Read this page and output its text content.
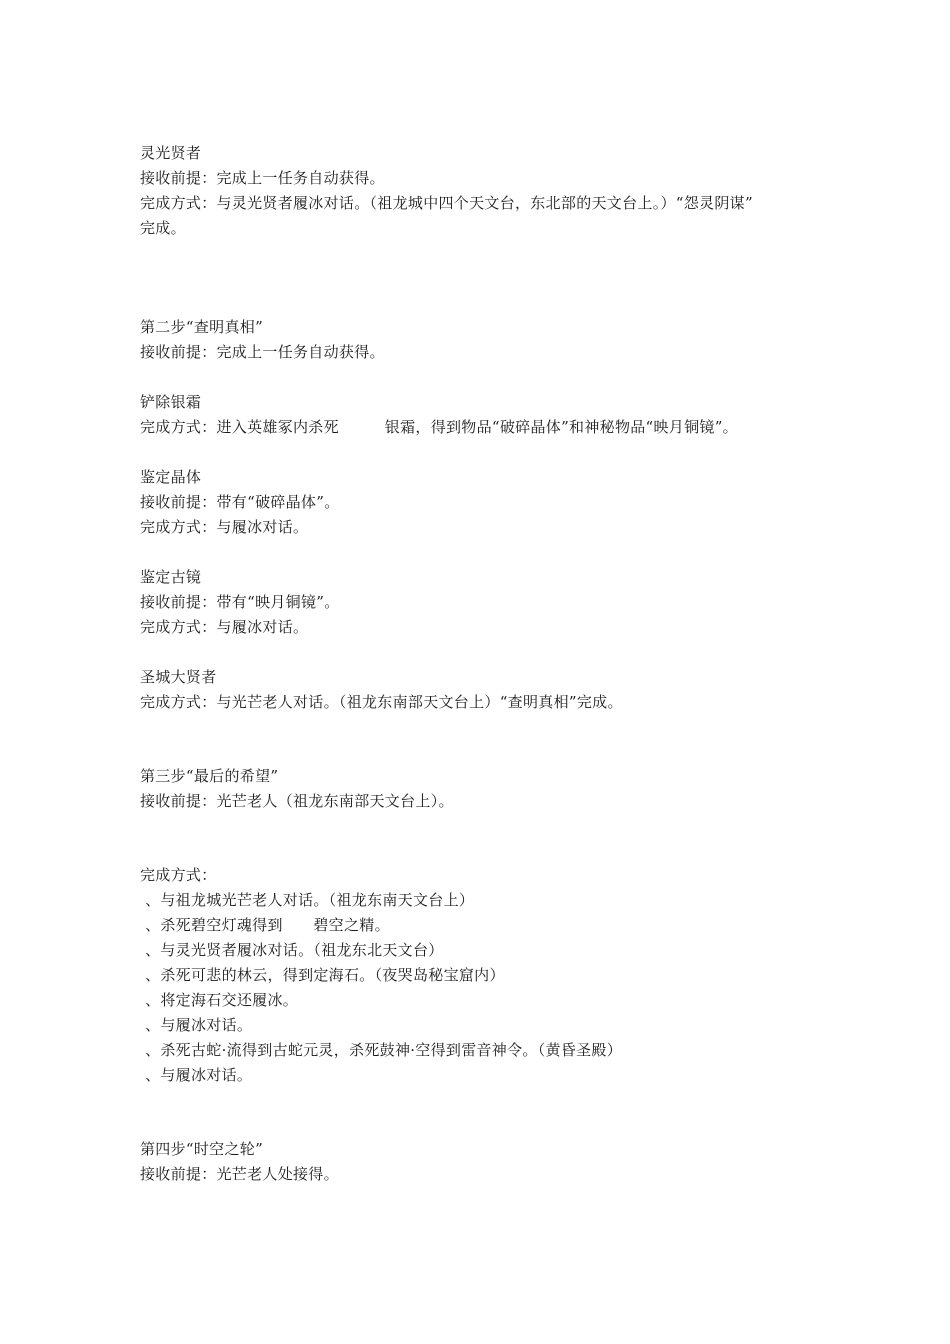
灵光贤者
接收前提：完成上一任务自动获得。
完成方式：与灵光贤者履冰对话。（祖龙城中四个天文台，东北部的天文台上。）“怨灵阴谋”
完成。
第二步“查明真相”
接收前提：完成上一任务自动获得。
铲除银霜
完成方式：进入英雄冢内杀死　　　银霜，得到物品“破碎晶体”和神秘物品“映月铜镜”。
鉴定晶体
接收前提：带有“破碎晶体”。
完成方式：与履冰对话。
鉴定古镜
接收前提：带有“映月铜镜”。
完成方式：与履冰对话。
圣城大贤者
完成方式：与光芒老人对话。（祖龙东南部天文台上）“查明真相”完成。
第三步“最后的希望”
接收前提：光芒老人（祖龙东南部天文台上）。
完成方式：
、与祖龙城光芒老人对话。（祖龙东南天文台上）
、杀死碧空灯魂得到　　碧空之精。
、与灵光贤者履冰对话。（祖龙东北天文台）
、杀死可悲的林云，得到定海石。（夜哭岛秘宝窟内）
、将定海石交还履冰。
、与履冰对话。
、杀死古蛇·流得到古蛇元灵，杀死鼓神·空得到雷音神令。（黄昏圣殿）
、与履冰对话。
第四步“时空之轮”
接收前提：光芒老人处接得。
